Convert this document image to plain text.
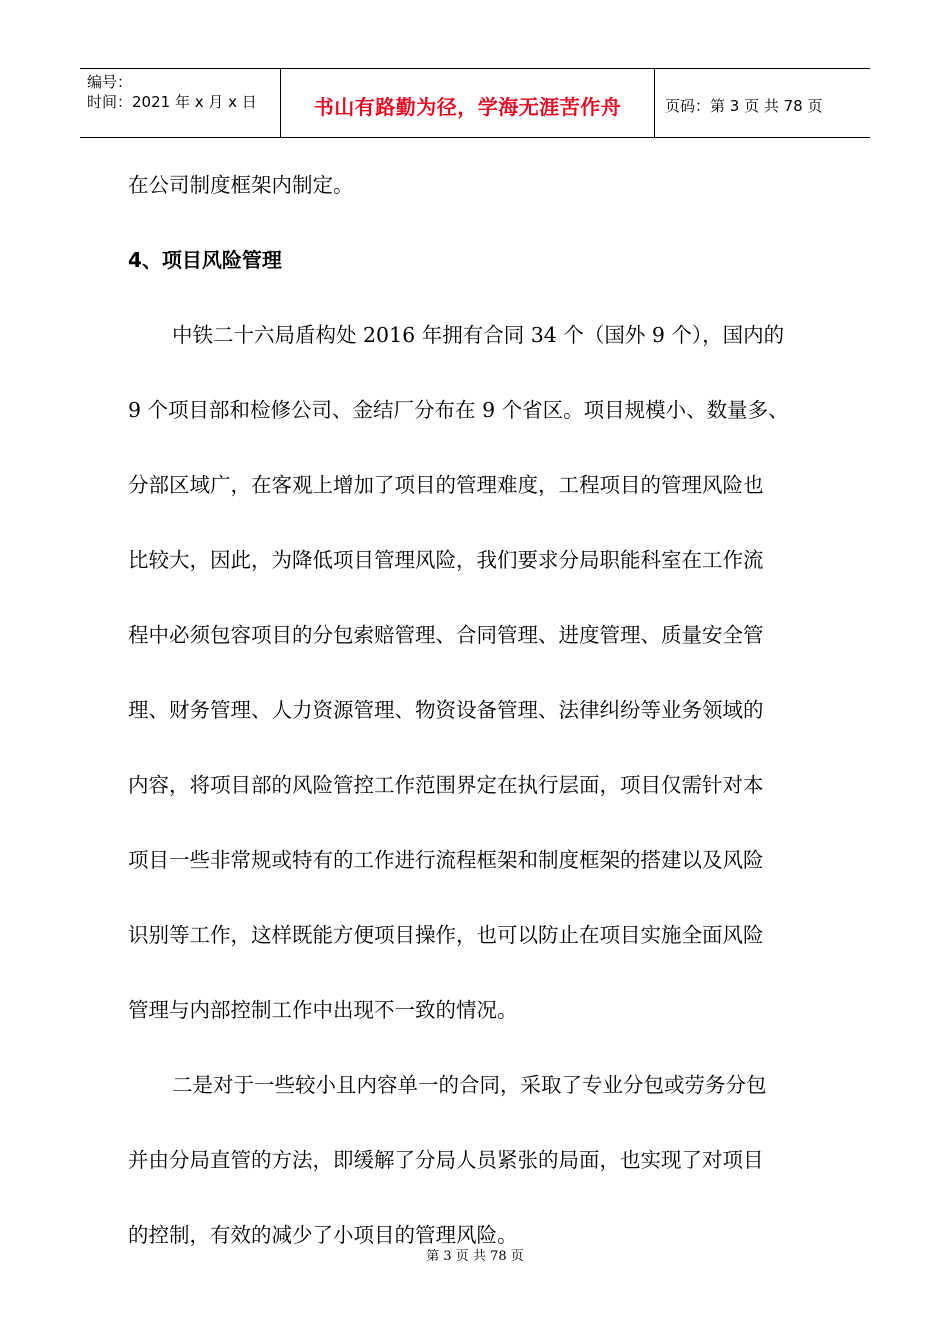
编号：
时间：2021 年 x 月 x 日	书山有路勤为径，学海无涯苦作舟	页码：第 3 页 共 78 页
在公司制度框架内制定。
4、项目风险管理
中铁二十六局盾构处 2016 年拥有合同 34 个（国外 9 个），国内的
9 个项目部和检修公司、金结厂分布在 9 个省区。项目规模小、数量多、
分部区域广，在客观上增加了项目的管理难度，工程项目的管理风险也
比较大，因此，为降低项目管理风险，我们要求分局职能科室在工作流
程中必须包容项目的分包索赔管理、合同管理、进度管理、质量安全管
理、财务管理、人力资源管理、物资设备管理、法律纠纷等业务领域的
内容，将项目部的风险管控工作范围界定在执行层面，项目仅需针对本
项目一些非常规或特有的工作进行流程框架和制度框架的搭建以及风险
识别等工作，这样既能方便项目操作，也可以防止在项目实施全面风险
管理与内部控制工作中出现不一致的情况。
二是对于一些较小且内容单一的合同，采取了专业分包或劳务分包
并由分局直管的方法，即缓解了分局人员紧张的局面，也实现了对项目
的控制，有效的减少了小项目的管理风险。
第 3 页 共 78 页
